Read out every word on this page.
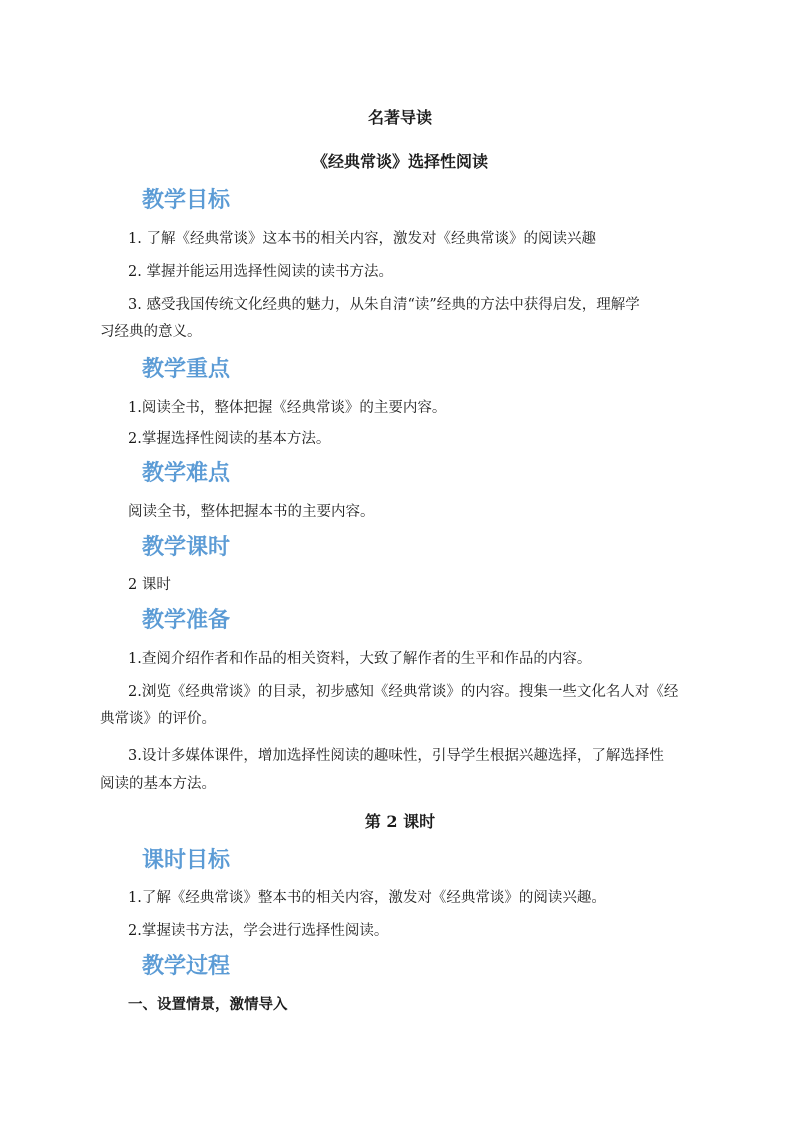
名著导读
《经典常谈》选择性阅读
教学目标
1. 了解《经典常谈》这本书的相关内容，激发对《经典常谈》的阅读兴趣
2. 掌握并能运用选择性阅读的读书方法。
3. 感受我国传统文化经典的魅力，从朱自清“读”经典的方法中获得启发，理解学
习经典的意义。
教学重点
1.阅读全书，整体把握《经典常谈》的主要内容。
2.掌握选择性阅读的基本方法。
教学难点
阅读全书，整体把握本书的主要内容。
教学课时
2 课时
教学准备
1.查阅介绍作者和作品的相关资料，大致了解作者的生平和作品的内容。
2.浏览《经典常谈》的目录，初步感知《经典常谈》的内容。搜集一些文化名人对《经
典常谈》的评价。
3.设计多媒体课件，增加选择性阅读的趣味性，引导学生根据兴趣选择，了解选择性
阅读的基本方法。
第 2 课时
课时目标
1.了解《经典常谈》整本书的相关内容，激发对《经典常谈》的阅读兴趣。
2.掌握读书方法，学会进行选择性阅读。
教学过程
一、设置情景，激情导入
